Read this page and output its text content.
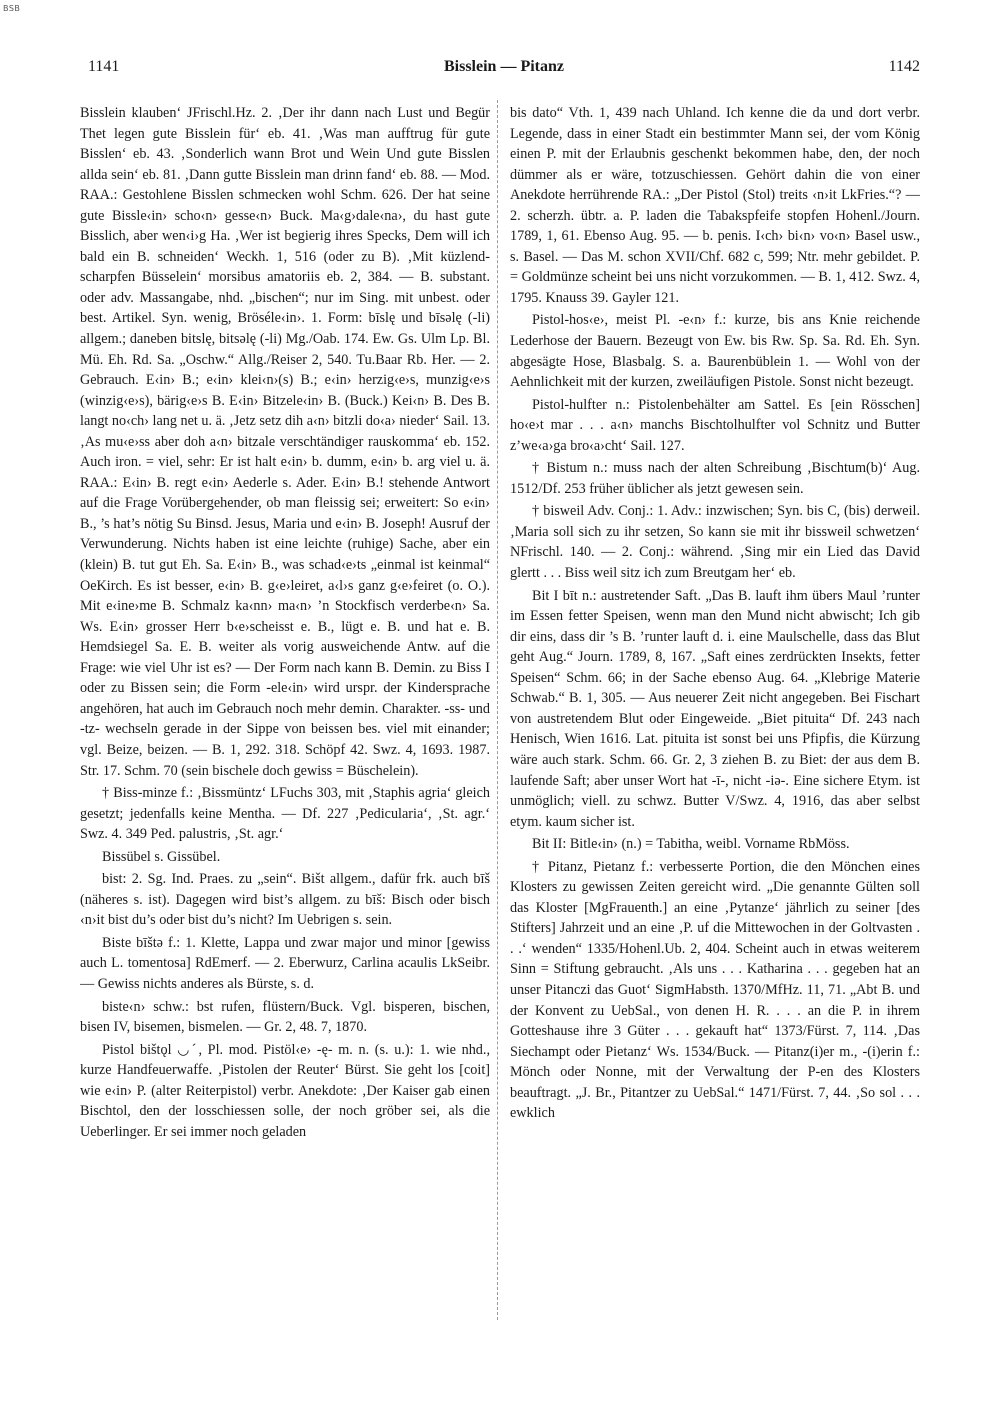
BSB
1141	Bisslein — Pitanz	1142

Bisslein klauben‘ JFrischl.Hz. 2. ‚Der ihr dann nach Lust und Begür Thet legen gute Bisslein für‘ eb. 41. ‚Was man aufftrug für gute Bisslen‘ eb. 43. ‚Sonderlich wann Brot und Wein Und gute Bisslen allda sein‘ eb. 81. ‚Dann gutte Bisslein man drinn fand‘ eb. 88. — Mod. RAA.: Gestohlene Bisslen schmecken wohl Schm. 626. Der hat seine gute Bissle‹in› scho‹n› gesse‹n› Buck. Ma‹g›dale‹na›, du hast gute Bisslich, aber wen‹i›g Ha. ‚Wer ist begierig ihres Specks, Dem will ich bald ein B. schneiden‘ Weckh. 1, 516 (oder zu B). ‚Mit küzlend-scharpfen Büsselein‘ morsibus amatoriis eb. 2, 384. — B. substant. oder adv. Massangabe, nhd. „bischen“; nur im Sing. mit unbest. oder best. Artikel. Syn. wenig, Bröséle‹in›. 1. Form: bīslę und bīsəlę (-li) allgem.; daneben bitslę, bitsəlę (-li) Mg./Oab. 174. Ew. Gs. Ulm Lp. Bl. Mü. Eh. Rd. Sa. „Oschw.“ Allg./Reiser 2, 540. Tu.Baar Rb. Her. — 2. Gebrauch. E‹in› B.; e‹in› klei‹n›(s) B.; e‹in› herzig‹e›s, munzig‹e›s (winzig‹e›s), bärig‹e›s B. E‹in› Bitzele‹in› B. (Buck.) Kei‹n› B. Des B. langt no‹ch› lang net u. ä. ‚Jetz setz dih a‹n› bitzli do‹a› nieder‘ Sail. 13. ‚As mu‹e›ss aber doh a‹n› bitzale verschtändiger rauskomma‘ eb. 152. Auch iron. = viel, sehr: Er ist halt e‹in› b. dumm, e‹in› b. arg viel u. ä. RAA.: E‹in› B. regt e‹in› Aederle s. Ader. E‹in› B.! stehende Antwort auf die Frage Vorübergehender, ob man fleissig sei; erweitert: So e‹in› B., ’s hat’s nötig Su Binsd. Jesus, Maria und e‹in› B. Joseph! Ausruf der Verwunderung. Nichts haben ist eine leichte (ruhige) Sache, aber ein (klein) B. tut gut Eh. Sa. E‹in› B., was schad‹e›ts „einmal ist keinmal“ OeKirch. Es ist besser, e‹in› B. g‹e›leiret, a‹l›s ganz g‹e›feiret (o. O.). Mit e‹ine›me B. Schmalz ka‹nn› ma‹n› ’n Stockfisch verderbe‹n› Sa. Ws. E‹in› grosser Herr b‹e›scheisst e. B., lügt e. B. und hat e. B. Hemdsiegel Sa. E. B. weiter als vorig ausweichende Antw. auf die Frage: wie viel Uhr ist es? — Der Form nach kann B. Demin. zu Biss I oder zu Bissen sein; die Form -ele‹in› wird urspr. der Kindersprache angehören, hat auch im Gebrauch noch mehr demin. Charakter. -ss- und -tz- wechseln gerade in der Sippe von beissen bes. viel mit einander; vgl. Beize, beizen. — B. 1, 292. 318. Schöpf 42. Swz. 4, 1693. 1987. Str. 17. Schm. 70 (sein bischele doch gewiss = Büschelein).

† Biss-minze f.: ‚Bissmüntz‘ LFuchs 303, mit ‚Staphis agria‘ gleich gesetzt; jedenfalls keine Mentha. — Df. 227 ‚Pedicularia‘, ‚St. agr.‘ Swz. 4. 349 Ped. palustris, ‚St. agr.‘

Bissübel s. Gissübel.

bist: 2. Sg. Ind. Praes. zu „sein“. Bišt allgem., dafür frk. auch bīš (näheres s. ist). Dagegen wird bist’s allgem. zu bīš: Bisch oder bisch ‹n›it bist du’s oder bist du’s nicht? Im Uebrigen s. sein.

Biste bīštə f.: 1. Klette, Lappa und zwar major und minor [gewiss auch L. tomentosa] RdEmerf. — 2. Eberwurz, Carlina acaulis LkSeibr. — Gewiss nichts anderes als Bürste, s. d.

biste‹n› schw.: bst rufen, flüstern/Buck. Vgl. bisperen, bischen, bisen IV, bisemen, bismelen. — Gr. 2, 48. 7, 1870.

Pistol bištǫl ◡ˊ, Pl. mod. Pistöl‹e› -ę- m. n. (s. u.): 1. wie nhd., kurze Handfeuerwaffe. ‚Pistolen der Reuter‘ Bürst. Sie geht los [coit] wie e‹in› P. (alter Reiterpistol) verbr. Anekdote: ‚Der Kaiser gab einen Bischtol, den der losschiessen solle, der noch gröber sei, als die Ueberlinger. Er sei immer noch geladen

bis dato“ Vth. 1, 439 nach Uhland. Ich kenne die da und dort verbr. Legende, dass in einer Stadt ein bestimmter Mann sei, der vom König einen P. mit der Erlaubnis geschenkt bekommen habe, den, der noch dümmer als er wäre, totzuschiessen. Gehört dahin die von einer Anekdote herrührende RA.: „Der Pistol (Stol) treits ‹n›it LkFries.“? — 2. scherzh. übtr. a. P. laden die Tabakspfeife stopfen Hohenl./Journ. 1789, 1, 61. Ebenso Aug. 95. — b. penis. I‹ch› bi‹n› vo‹n› Basel usw., s. Basel. — Das M. schon XVII/Chf. 682 c, 599; Ntr. mehr gebildet. P. = Goldmünze scheint bei uns nicht vorzukommen. — B. 1, 412. Swz. 4, 1795. Knauss 39. Gayler 121.

Pistol-hos‹e›, meist Pl. -e‹n› f.: kurze, bis ans Knie reichende Lederhose der Bauern. Bezeugt von Ew. bis Rw. Sp. Sa. Rd. Eh. Syn. abgesägte Hose, Blasbalg. S. a. Baurenbüblein 1. — Wohl von der Aehnlichkeit mit der kurzen, zweiläufigen Pistole. Sonst nicht bezeugt.

Pistol-hulfter n.: Pistolenbehälter am Sattel. Es [ein Rösschen] ho‹e›t mar . . . a‹n› manchs Bischtolhulfter vol Schnitz und Butter z’we‹a›ga bro‹a›cht‘ Sail. 127.

† Bistum n.: muss nach der alten Schreibung ‚Bischtum(b)‘ Aug. 1512/Df. 253 früher üblicher als jetzt gewesen sein.

† bisweil Adv. Conj.: 1. Adv.: inzwischen; Syn. bis C, (bis) derweil. ‚Maria soll sich zu ihr setzen, So kann sie mit ihr bissweil schwetzen‘ NFrischl. 140. — 2. Conj.: während. ‚Sing mir ein Lied das David glertt . . . Biss weil sitz ich zum Breutgam her‘ eb.

Bit I bīt n.: austretender Saft. „Das B. lauft ihm übers Maul ’runter im Essen fetter Speisen, wenn man den Mund nicht abwischt; Ich gib dir eins, dass dir ’s B. ’runter lauft d. i. eine Maulschelle, dass das Blut geht Aug.“ Journ. 1789, 8, 167. „Saft eines zerdrückten Insekts, fetter Speisen“ Schm. 66; in der Sache ebenso Aug. 64. „Klebrige Materie Schwab.“ B. 1, 305. — Aus neuerer Zeit nicht angegeben. Bei Fischart von austretendem Blut oder Eingeweide. „Biet pituita“ Df. 243 nach Henisch, Wien 1616. Lat. pituita ist sonst bei uns Pfipfis, die Kürzung wäre auch stark. Schm. 66. Gr. 2, 3 ziehen B. zu Biet: der aus dem B. laufende Saft; aber unser Wort hat -ī-, nicht -iə-. Eine sichere Etym. ist unmöglich; viell. zu schwz. Butter V/Swz. 4, 1916, das aber selbst etym. kaum sicher ist.

Bit II: Bitle‹in› (n.) = Tabitha, weibl. Vorname RbMöss.

† Pitanz, Pietanz f.: verbesserte Portion, die den Mönchen eines Klosters zu gewissen Zeiten gereicht wird. „Die genannte Gülten soll das Kloster [MgFrauenth.] an eine ‚Pytanze‘ jährlich zu seiner [des Stifters] Jahrzeit und an eine ‚P. uf die Mittewochen in der Goltvasten . . .‘ wenden“ 1335/Hohenl.Ub. 2, 404. Scheint auch in etwas weiterem Sinn = Stiftung gebraucht. ‚Als uns . . . Katharina . . . gegeben hat an unser Pitanczi das Guot‘ SigmHabsth. 1370/MfHz. 11, 71. „Abt B. und der Konvent zu UebSal., von denen H. R. . . . an die P. in ihrem Gotteshause ihre 3 Güter . . . gekauft hat“ 1373/Fürst. 7, 114. ‚Das Siechampt oder Pietanz‘ Ws. 1534/Buck. — Pitanz(i)er m., -(i)erin f.: Mönch oder Nonne, mit der Verwaltung der P-en des Klosters beauftragt. „J. Br., Pitantzer zu UebSal.“ 1471/Fürst. 7, 44. ‚So sol . . . ewklich
